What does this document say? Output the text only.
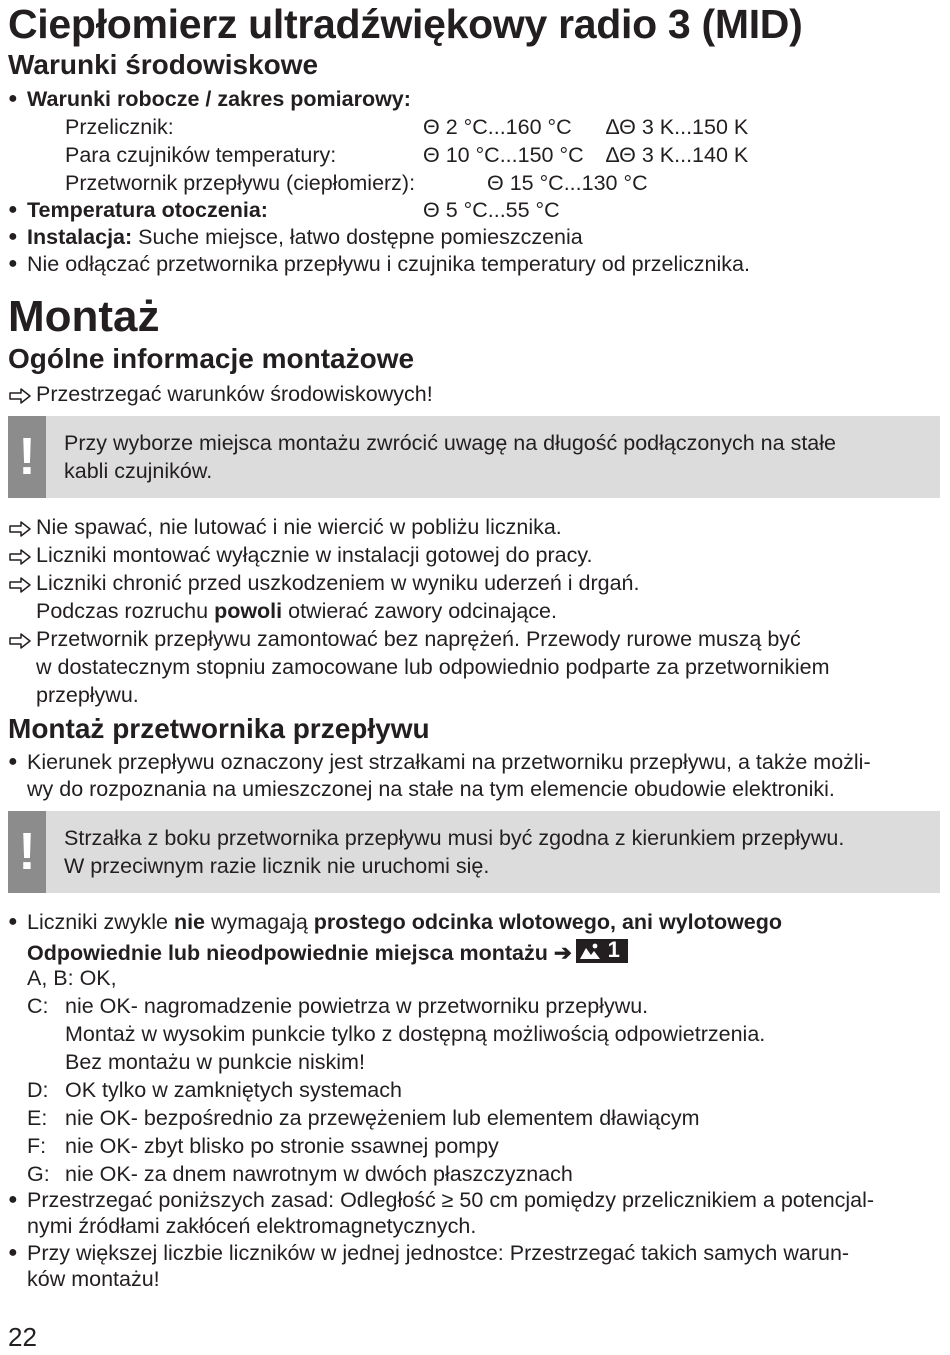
Ciepłomierz ultradźwiękowy radio 3 (MID)
Warunki środowiskowe
● Warunki robocze / zakres pomiarowy:
Przelicznik:	Θ 2 °C...160 °C ∆Θ 3 K...150 K
Para czujników temperatury:	Θ 10 °C...150 °C ∆Θ 3 K...140 K
Przetwornik przepływu (ciepłomierz):	Θ 15 °C...130 °C
● Temperatura otoczenia:	Θ 5 °C...55 °C
● Instalacja: Suche miejsce, łatwo dostępne pomieszczenia
● Nie odłączać przetwornika przepływu i czujnika temperatury od przelicznika.
Montaż
Ogólne informacje montażowe
Przestrzegać warunków środowiskowych!
!	Przy wyborze miejsca montażu zwrócić uwagę na długość podłączonych na stałe
kabli czujników.
Nie spawać, nie lutować i nie wiercić w pobliżu licznika.
Liczniki montować wyłącznie w instalacji gotowej do pracy.
Liczniki chronić przed uszkodzeniem w wyniku uderzeń i drgań.
Podczas rozruchu powoli otwierać zawory odcinające.
Przetwornik przepływu zamontować bez naprężeń. Przewody rurowe muszą być
w dostatecznym stopniu zamocowane lub odpowiednio podparte za przetwornikiem
przepływu.
Montaż przetwornika przepływu
● Kierunek przepływu oznaczony jest strzałkami na przetworniku przepływu, a także możli-
wy do rozpoznania na umieszczonej na stałe na tym elemencie obudowie elektroniki.
!	Strzałka z boku przetwornika przepływu musi być zgodna z kierunkiem przepływu.
W przeciwnym razie licznik nie uruchomi się.
● Liczniki zwykle nie wymagają prostego odcinka wlotowego, ani wylotowego
Odpowiednie lub nieodpowiednie miejsca montażu ➔ 1
A, B: OK,
C: nie OK- nagromadzenie powietrza w przetworniku przepływu.
Montaż w wysokim punkcie tylko z dostępną możliwością odpowietrzenia.
Bez montażu w punkcie niskim!
D: OK tylko w zamkniętych systemach
E: nie OK- bezpośrednio za przewężeniem lub elementem dławiącym
F: nie OK- zbyt blisko po stronie ssawnej pompy
G: nie OK- za dnem nawrotnym w dwóch płaszczyznach
● Przestrzegać poniższych zasad: Odległość ≥ 50 cm pomiędzy przelicznikiem a potencjal-
nymi źródłami zakłóceń elektromagnetycznych.
● Przy większej liczbie liczników w jednej jednostce: Przestrzegać takich samych warun-
ków montażu!
22
